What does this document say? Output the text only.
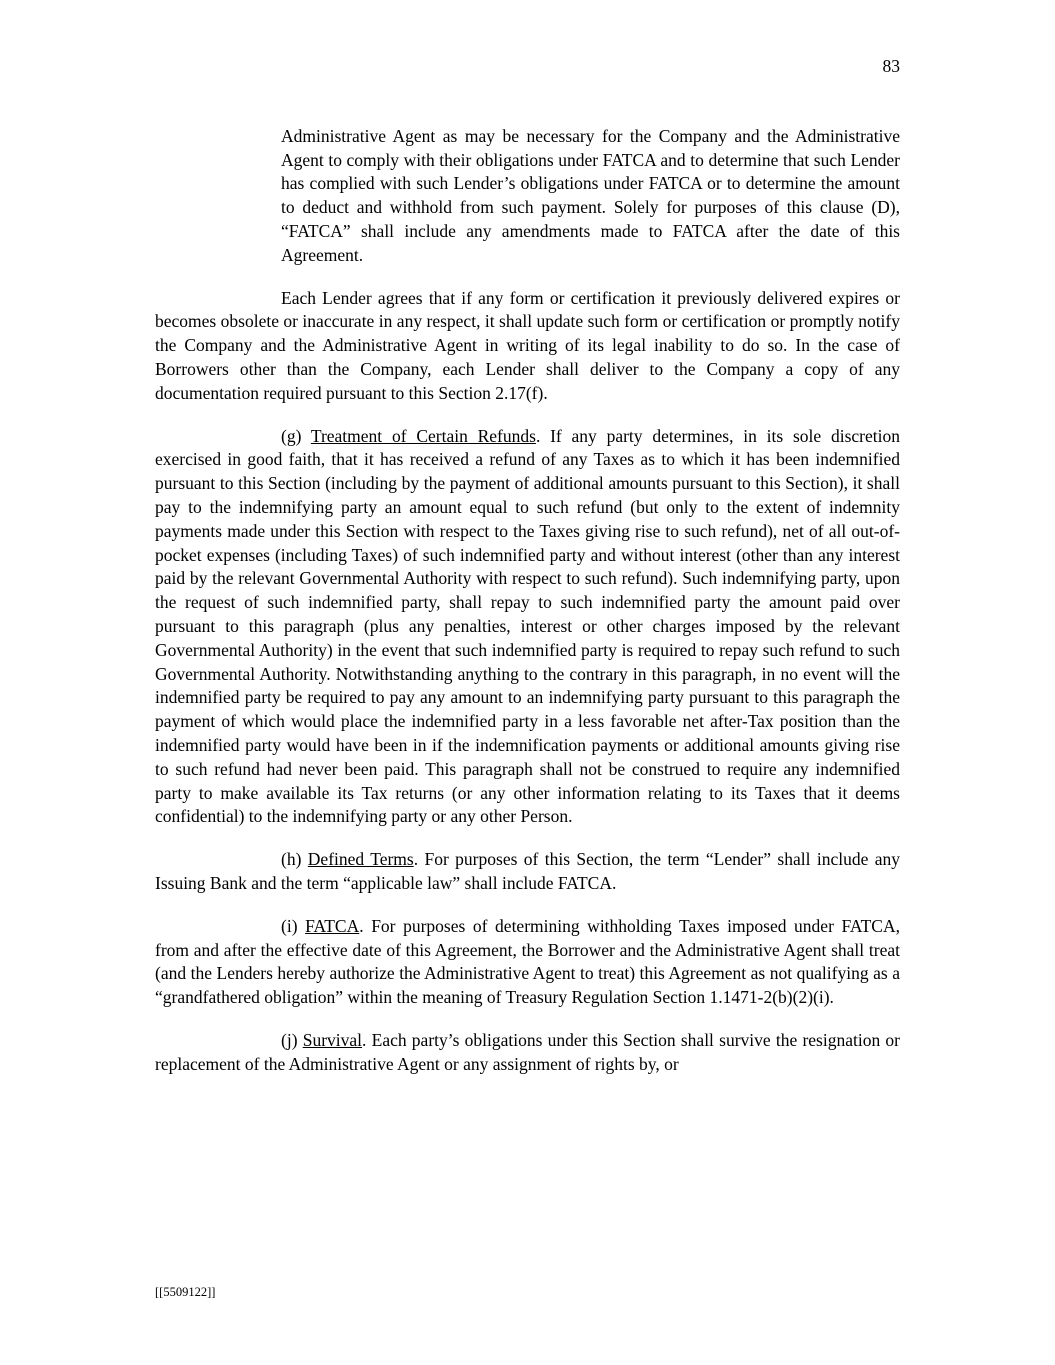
83
Administrative Agent as may be necessary for the Company and the Administrative Agent to comply with their obligations under FATCA and to determine that such Lender has complied with such Lender’s obligations under FATCA or to determine the amount to deduct and withhold from such payment. Solely for purposes of this clause (D), “FATCA” shall include any amendments made to FATCA after the date of this Agreement.

Each Lender agrees that if any form or certification it previously delivered expires or becomes obsolete or inaccurate in any respect, it shall update such form or certification or promptly notify the Company and the Administrative Agent in writing of its legal inability to do so. In the case of Borrowers other than the Company, each Lender shall deliver to the Company a copy of any documentation required pursuant to this Section 2.17(f).

(g) Treatment of Certain Refunds. If any party determines, in its sole discretion exercised in good faith, that it has received a refund of any Taxes as to which it has been indemnified pursuant to this Section (including by the payment of additional amounts pursuant to this Section), it shall pay to the indemnifying party an amount equal to such refund (but only to the extent of indemnity payments made under this Section with respect to the Taxes giving rise to such refund), net of all out-of-pocket expenses (including Taxes) of such indemnified party and without interest (other than any interest paid by the relevant Governmental Authority with respect to such refund). Such indemnifying party, upon the request of such indemnified party, shall repay to such indemnified party the amount paid over pursuant to this paragraph (plus any penalties, interest or other charges imposed by the relevant Governmental Authority) in the event that such indemnified party is required to repay such refund to such Governmental Authority. Notwithstanding anything to the contrary in this paragraph, in no event will the indemnified party be required to pay any amount to an indemnifying party pursuant to this paragraph the payment of which would place the indemnified party in a less favorable net after-Tax position than the indemnified party would have been in if the indemnification payments or additional amounts giving rise to such refund had never been paid. This paragraph shall not be construed to require any indemnified party to make available its Tax returns (or any other information relating to its Taxes that it deems confidential) to the indemnifying party or any other Person.

(h) Defined Terms. For purposes of this Section, the term “Lender” shall include any Issuing Bank and the term “applicable law” shall include FATCA.

(i) FATCA. For purposes of determining withholding Taxes imposed under FATCA, from and after the effective date of this Agreement, the Borrower and the Administrative Agent shall treat (and the Lenders hereby authorize the Administrative Agent to treat) this Agreement as not qualifying as a “grandfathered obligation” within the meaning of Treasury Regulation Section 1.1471-2(b)(2)(i).

(j) Survival. Each party’s obligations under this Section shall survive the resignation or replacement of the Administrative Agent or any assignment of rights by, or

[[5509122]]
